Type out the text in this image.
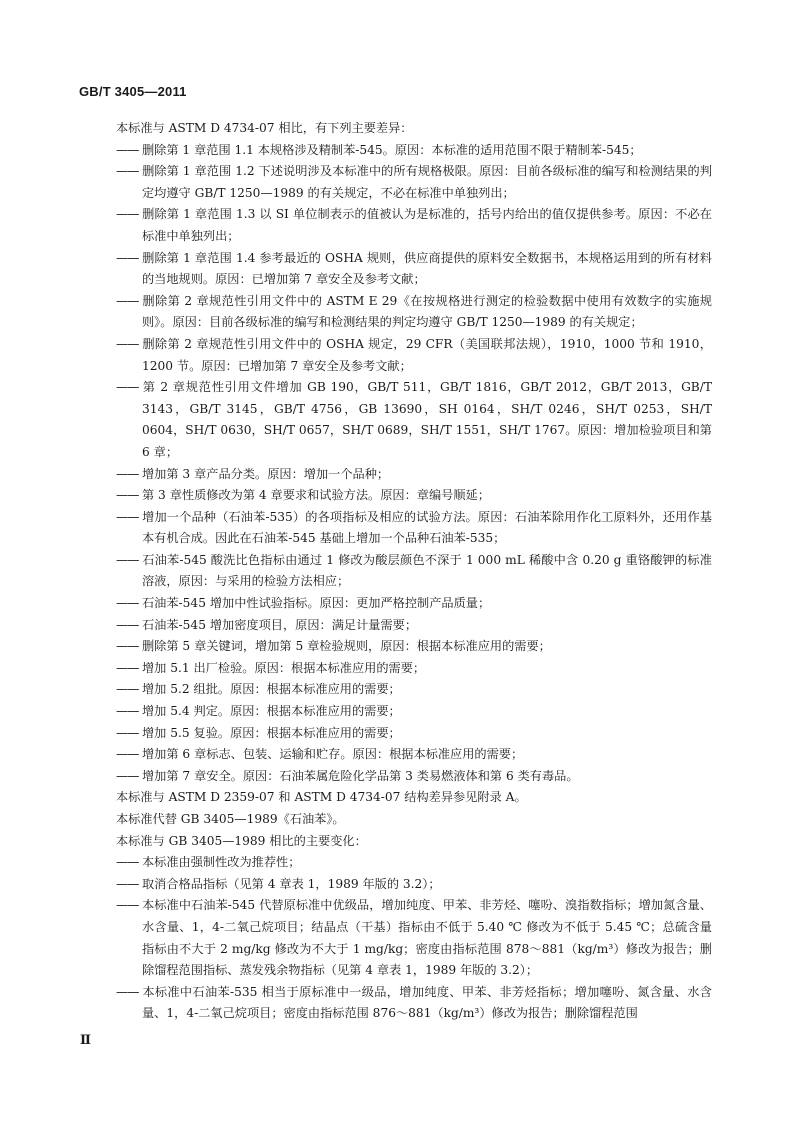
GB/T 3405—2011

本标准与 ASTM D 4734-07 相比，有下列主要差异：

—— 删除第 1 章范围 1.1 本规格涉及精制苯-545。原因：本标准的适用范围不限于精制苯-545；

—— 删除第 1 章范围 1.2 下述说明涉及本标准中的所有规格极限。原因：目前各级标准的编写和检测结果的判定均遵守 GB/T 1250—1989 的有关规定，不必在标准中单独列出；

—— 删除第 1 章范围 1.3 以 SI 单位制表示的值被认为是标准的，括号内给出的值仅提供参考。原因：不必在标准中单独列出；

—— 删除第 1 章范围 1.4 参考最近的 OSHA 规则，供应商提供的原料安全数据书，本规格运用到的所有材料的当地规则。原因：已增加第 7 章安全及参考文献；

—— 删除第 2 章规范性引用文件中的 ASTM E 29《在按规格进行测定的检验数据中使用有效数字的实施规则》。原因：目前各级标准的编写和检测结果的判定均遵守 GB/T 1250—1989 的有关规定；

—— 删除第 2 章规范性引用文件中的 OSHA 规定，29 CFR（美国联邦法规），1910，1000 节和 1910，1200 节。原因：已增加第 7 章安全及参考文献；

—— 第 2 章规范性引用文件增加 GB 190，GB/T 511，GB/T 1816，GB/T 2012，GB/T 2013，GB/T 3143，GB/T 3145，GB/T 4756，GB 13690，SH 0164，SH/T 0246，SH/T 0253，SH/T 0604，SH/T 0630，SH/T 0657，SH/T 0689，SH/T 1551，SH/T 1767。原因：增加检验项目和第 6 章；

—— 增加第 3 章产品分类。原因：增加一个品种；

—— 第 3 章性质修改为第 4 章要求和试验方法。原因：章编号顺延；

—— 增加一个品种（石油苯-535）的各项指标及相应的试验方法。原因：石油苯除用作化工原料外，还用作基本有机合成。因此在石油苯-545 基础上增加一个品种石油苯-535；

—— 石油苯-545 酸洗比色指标由通过 1 修改为酸层颜色不深于 1 000 mL 稀酸中含 0.20 g 重铬酸钾的标准溶液，原因：与采用的检验方法相应；

—— 石油苯-545 增加中性试验指标。原因：更加严格控制产品质量；

—— 石油苯-545 增加密度项目，原因：满足计量需要；

—— 删除第 5 章关键词，增加第 5 章检验规则，原因：根据本标准应用的需要；

—— 增加 5.1 出厂检验。原因：根据本标准应用的需要；

—— 增加 5.2 组批。原因：根据本标准应用的需要；

—— 增加 5.4 判定。原因：根据本标准应用的需要；

—— 增加 5.5 复验。原因：根据本标准应用的需要；

—— 增加第 6 章标志、包装、运输和贮存。原因：根据本标准应用的需要；

—— 增加第 7 章安全。原因：石油苯属危险化学品第 3 类易燃液体和第 6 类有毒品。

本标准与 ASTM D 2359-07 和 ASTM D 4734-07 结构差异参见附录 A。

本标准代替 GB 3405—1989《石油苯》。

本标准与 GB 3405—1989 相比的主要变化：

—— 本标准由强制性改为推荐性；

—— 取消合格品指标（见第 4 章表 1，1989 年版的 3.2）；

—— 本标准中石油苯-545 代替原标准中优级品，增加纯度、甲苯、非芳烃、噻吩、溴指数指标；增加氮含量、水含量、1，4-二氧己烷项目；结晶点（干基）指标由不低于 5.40 ℃ 修改为不低于 5.45 ℃；总硫含量指标由不大于 2 mg/kg 修改为不大于 1 mg/kg；密度由指标范围 878～881（kg/m³）修改为报告；删除馏程范围指标、蒸发残余物指标（见第 4 章表 1，1989 年版的 3.2）；

—— 本标准中石油苯-535 相当于原标准中一级品，增加纯度、甲苯、非芳烃指标；增加噻吩、氮含量、水含量、1，4-二氧己烷项目；密度由指标范围 876～881（kg/m³）修改为报告；删除馏程范围

Ⅱ
